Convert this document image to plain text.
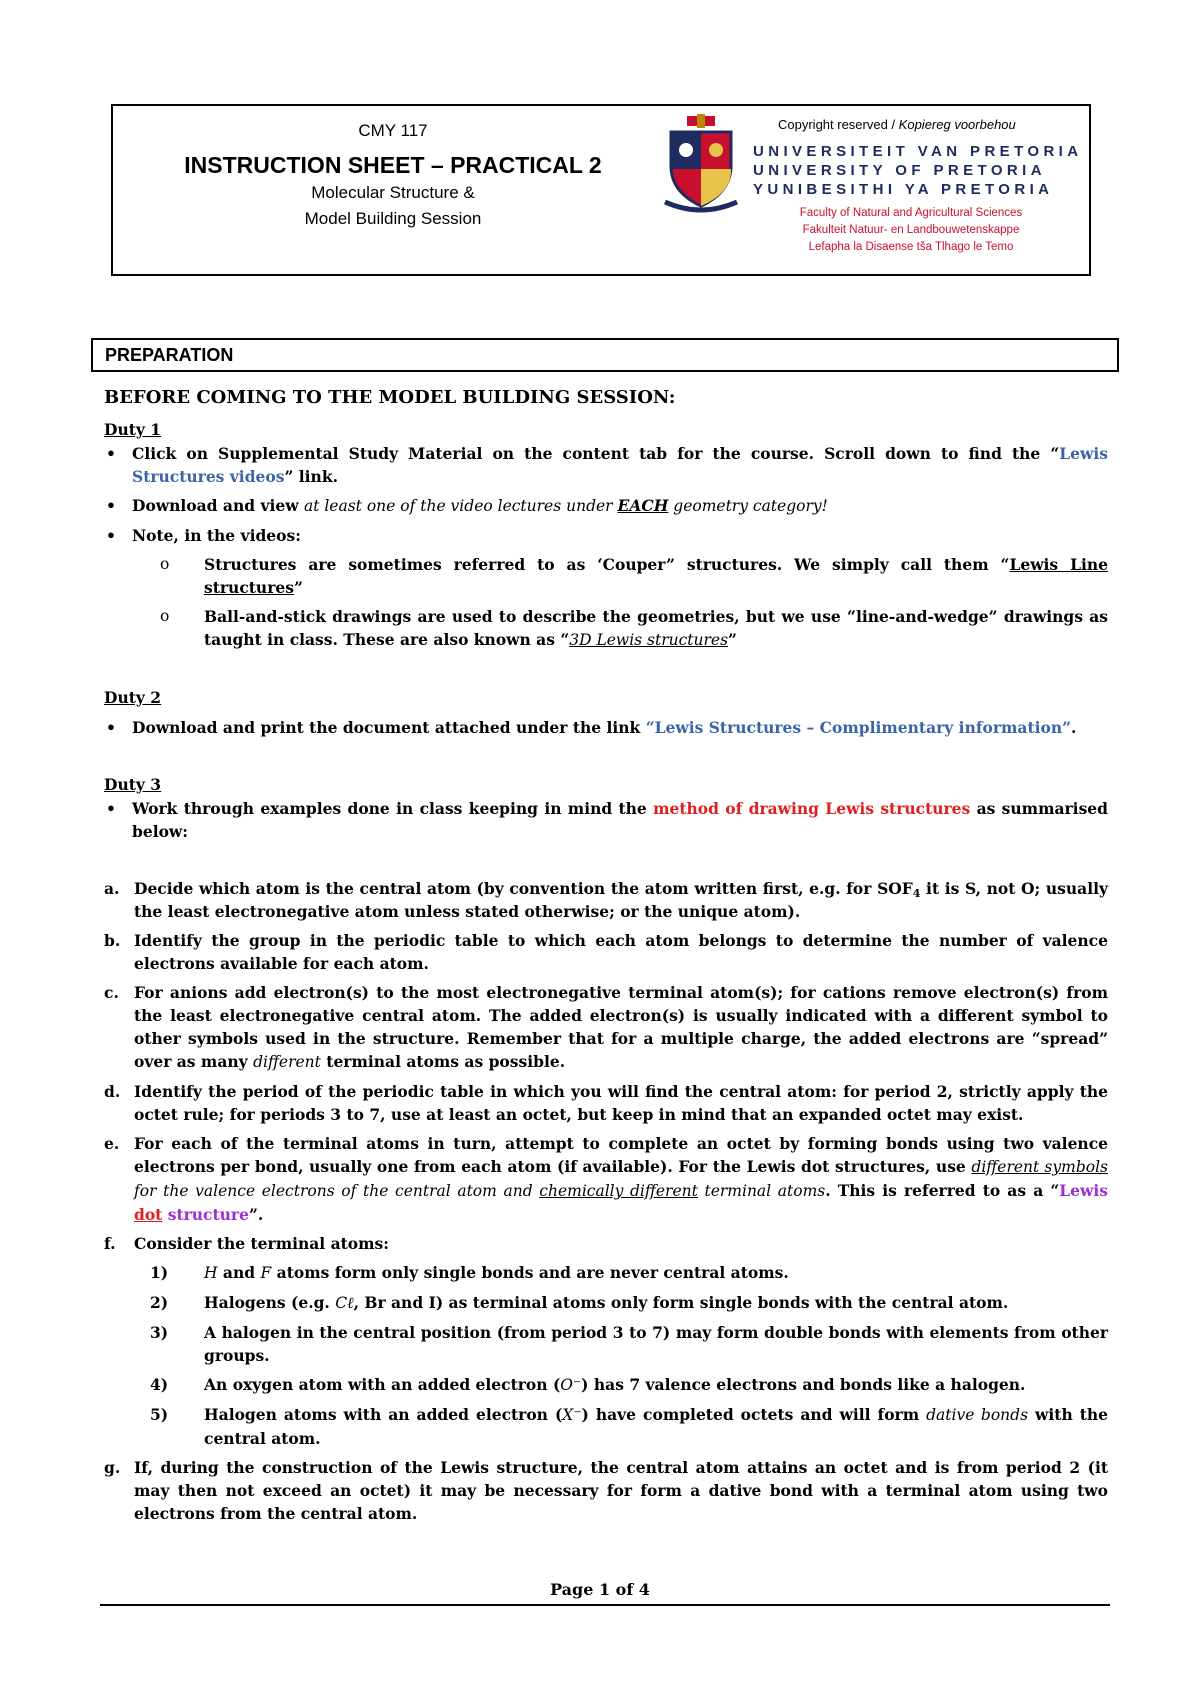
CMY 117
INSTRUCTION SHEET – PRACTICAL 2
Molecular Structure &
Model Building Session
Copyright reserved / Kopiereg voorbehou
UNIVERSITEIT VAN PRETORIA
UNIVERSITY OF PRETORIA
YUNIBESITHI YA PRETORIA
Faculty of Natural and Agricultural Sciences
Fakulteit Natuur- en Landbouwetenskappe
Lefapha la Disaense tša Tlhago le Temo
PREPARATION
BEFORE COMING TO THE MODEL BUILDING SESSION:
Duty 1
• Click on Supplemental Study Material on the content tab for the course. Scroll down to find the “Lewis Structures videos” link.
• Download and view at least one of the video lectures under EACH geometry category!
• Note, in the videos:
o Structures are sometimes referred to as ‘Couper” structures. We simply call them “Lewis Line structures”
o Ball-and-stick drawings are used to describe the geometries, but we use “line-and-wedge” drawings as taught in class. These are also known as “3D Lewis structures”
Duty 2
• Download and print the document attached under the link “Lewis Structures – Complimentary information”.
Duty 3
• Work through examples done in class keeping in mind the method of drawing Lewis structures as summarised below:
a. Decide which atom is the central atom (by convention the atom written first, e.g. for $SOF_4$ it is S, not O; usually the least electronegative atom unless stated otherwise; or the unique atom).
b. Identify the group in the periodic table to which each atom belongs to determine the number of valence electrons available for each atom.
c. For anions add electron(s) to the most electronegative terminal atom(s); for cations remove electron(s) from the least electronegative central atom. The added electron(s) is usually indicated with a different symbol to other symbols used in the structure. Remember that for a multiple charge, the added electrons are “spread” over as many different terminal atoms as possible.
d. Identify the period of the periodic table in which you will find the central atom: for period 2, strictly apply the octet rule; for periods 3 to 7, use at least an octet, but keep in mind that an expanded octet may exist.
e. For each of the terminal atoms in turn, attempt to complete an octet by forming bonds using two valence electrons per bond, usually one from each atom (if available). For the Lewis dot structures, use different symbols for the valence electrons of the central atom and chemically different terminal atoms. This is referred to as a “Lewis dot structure”.
f. Consider the terminal atoms:
1) H and F atoms form only single bonds and are never central atoms.
2) Halogens (e.g. Cℓ, Br and I) as terminal atoms only form single bonds with the central atom.
3) A halogen in the central position (from period 3 to 7) may form double bonds with elements from other groups.
4) An oxygen atom with an added electron (O⁻) has 7 valence electrons and bonds like a halogen.
5) Halogen atoms with an added electron (X⁻) have completed octets and will form dative bonds with the central atom.
g. If, during the construction of the Lewis structure, the central atom attains an octet and is from period 2 (it may then not exceed an octet) it may be necessary for form a dative bond with a terminal atom using two electrons from the central atom.
Page 1 of 4
